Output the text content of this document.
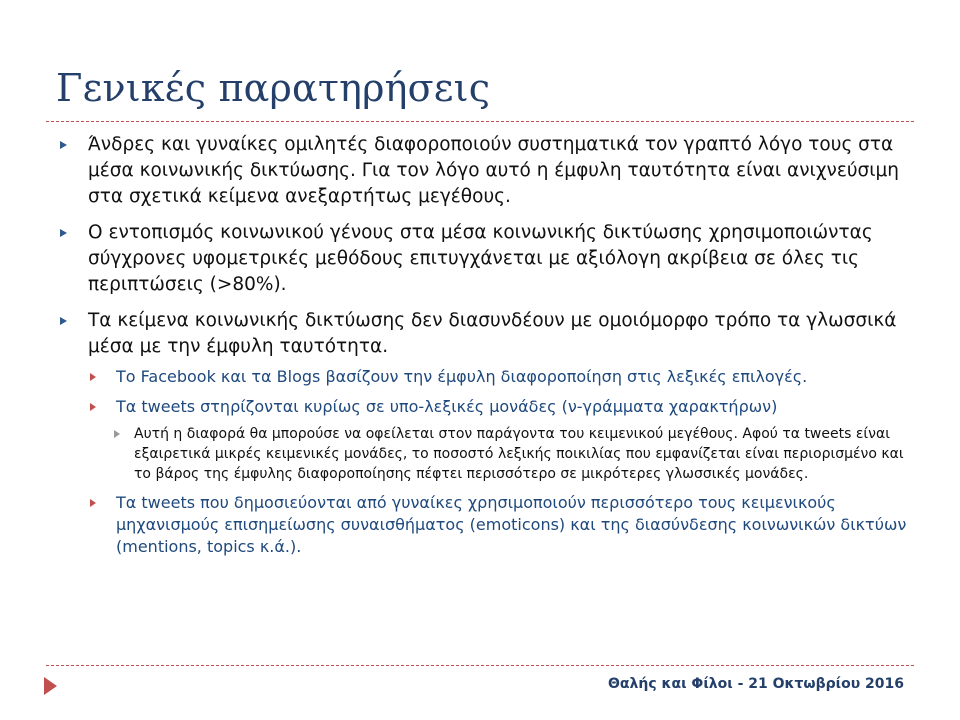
Γενικές παρατηρήσεις
Άνδρες και γυναίκες ομιλητές διαφοροποιούν συστηματικά τον γραπτό λόγο τους στα μέσα κοινωνικής δικτύωσης. Για τον λόγο αυτό η έμφυλη ταυτότητα είναι ανιχνεύσιμη στα σχετικά κείμενα ανεξαρτήτως μεγέθους.
Ο εντοπισμός κοινωνικού γένους στα μέσα κοινωνικής δικτύωσης χρησιμοποιώντας σύγχρονες υφομετρικές μεθόδους επιτυγχάνεται με αξιόλογη ακρίβεια σε όλες τις περιπτώσεις (>80%).
Τα κείμενα κοινωνικής δικτύωσης δεν διασυνδέουν με ομοιόμορφο τρόπο τα γλωσσικά μέσα με την έμφυλη ταυτότητα.
Το Facebook και τα Blogs βασίζουν την έμφυλη διαφοροποίηση στις λεξικές επιλογές.
Τα tweets στηρίζονται κυρίως σε υπο-λεξικές μονάδες (ν-γράμματα χαρακτήρων)
Αυτή η διαφορά θα μπορούσε να οφείλεται στον παράγοντα του κειμενικού μεγέθους. Αφού τα tweets είναι εξαιρετικά μικρές κειμενικές μονάδες, το ποσοστό λεξικής ποικιλίας που εμφανίζεται είναι περιορισμένο και το βάρος της έμφυλης διαφοροποίησης πέφτει περισσότερο σε μικρότερες γλωσσικές μονάδες.
Τα tweets που δημοσιεύονται από γυναίκες χρησιμοποιούν περισσότερο τους κειμενικούς μηχανισμούς επισημείωσης συναισθήματος (emoticons) και της διασύνδεσης κοινωνικών δικτύων (mentions, topics κ.ά.).
Θαλής και Φίλοι - 21 Οκτωβρίου 2016
